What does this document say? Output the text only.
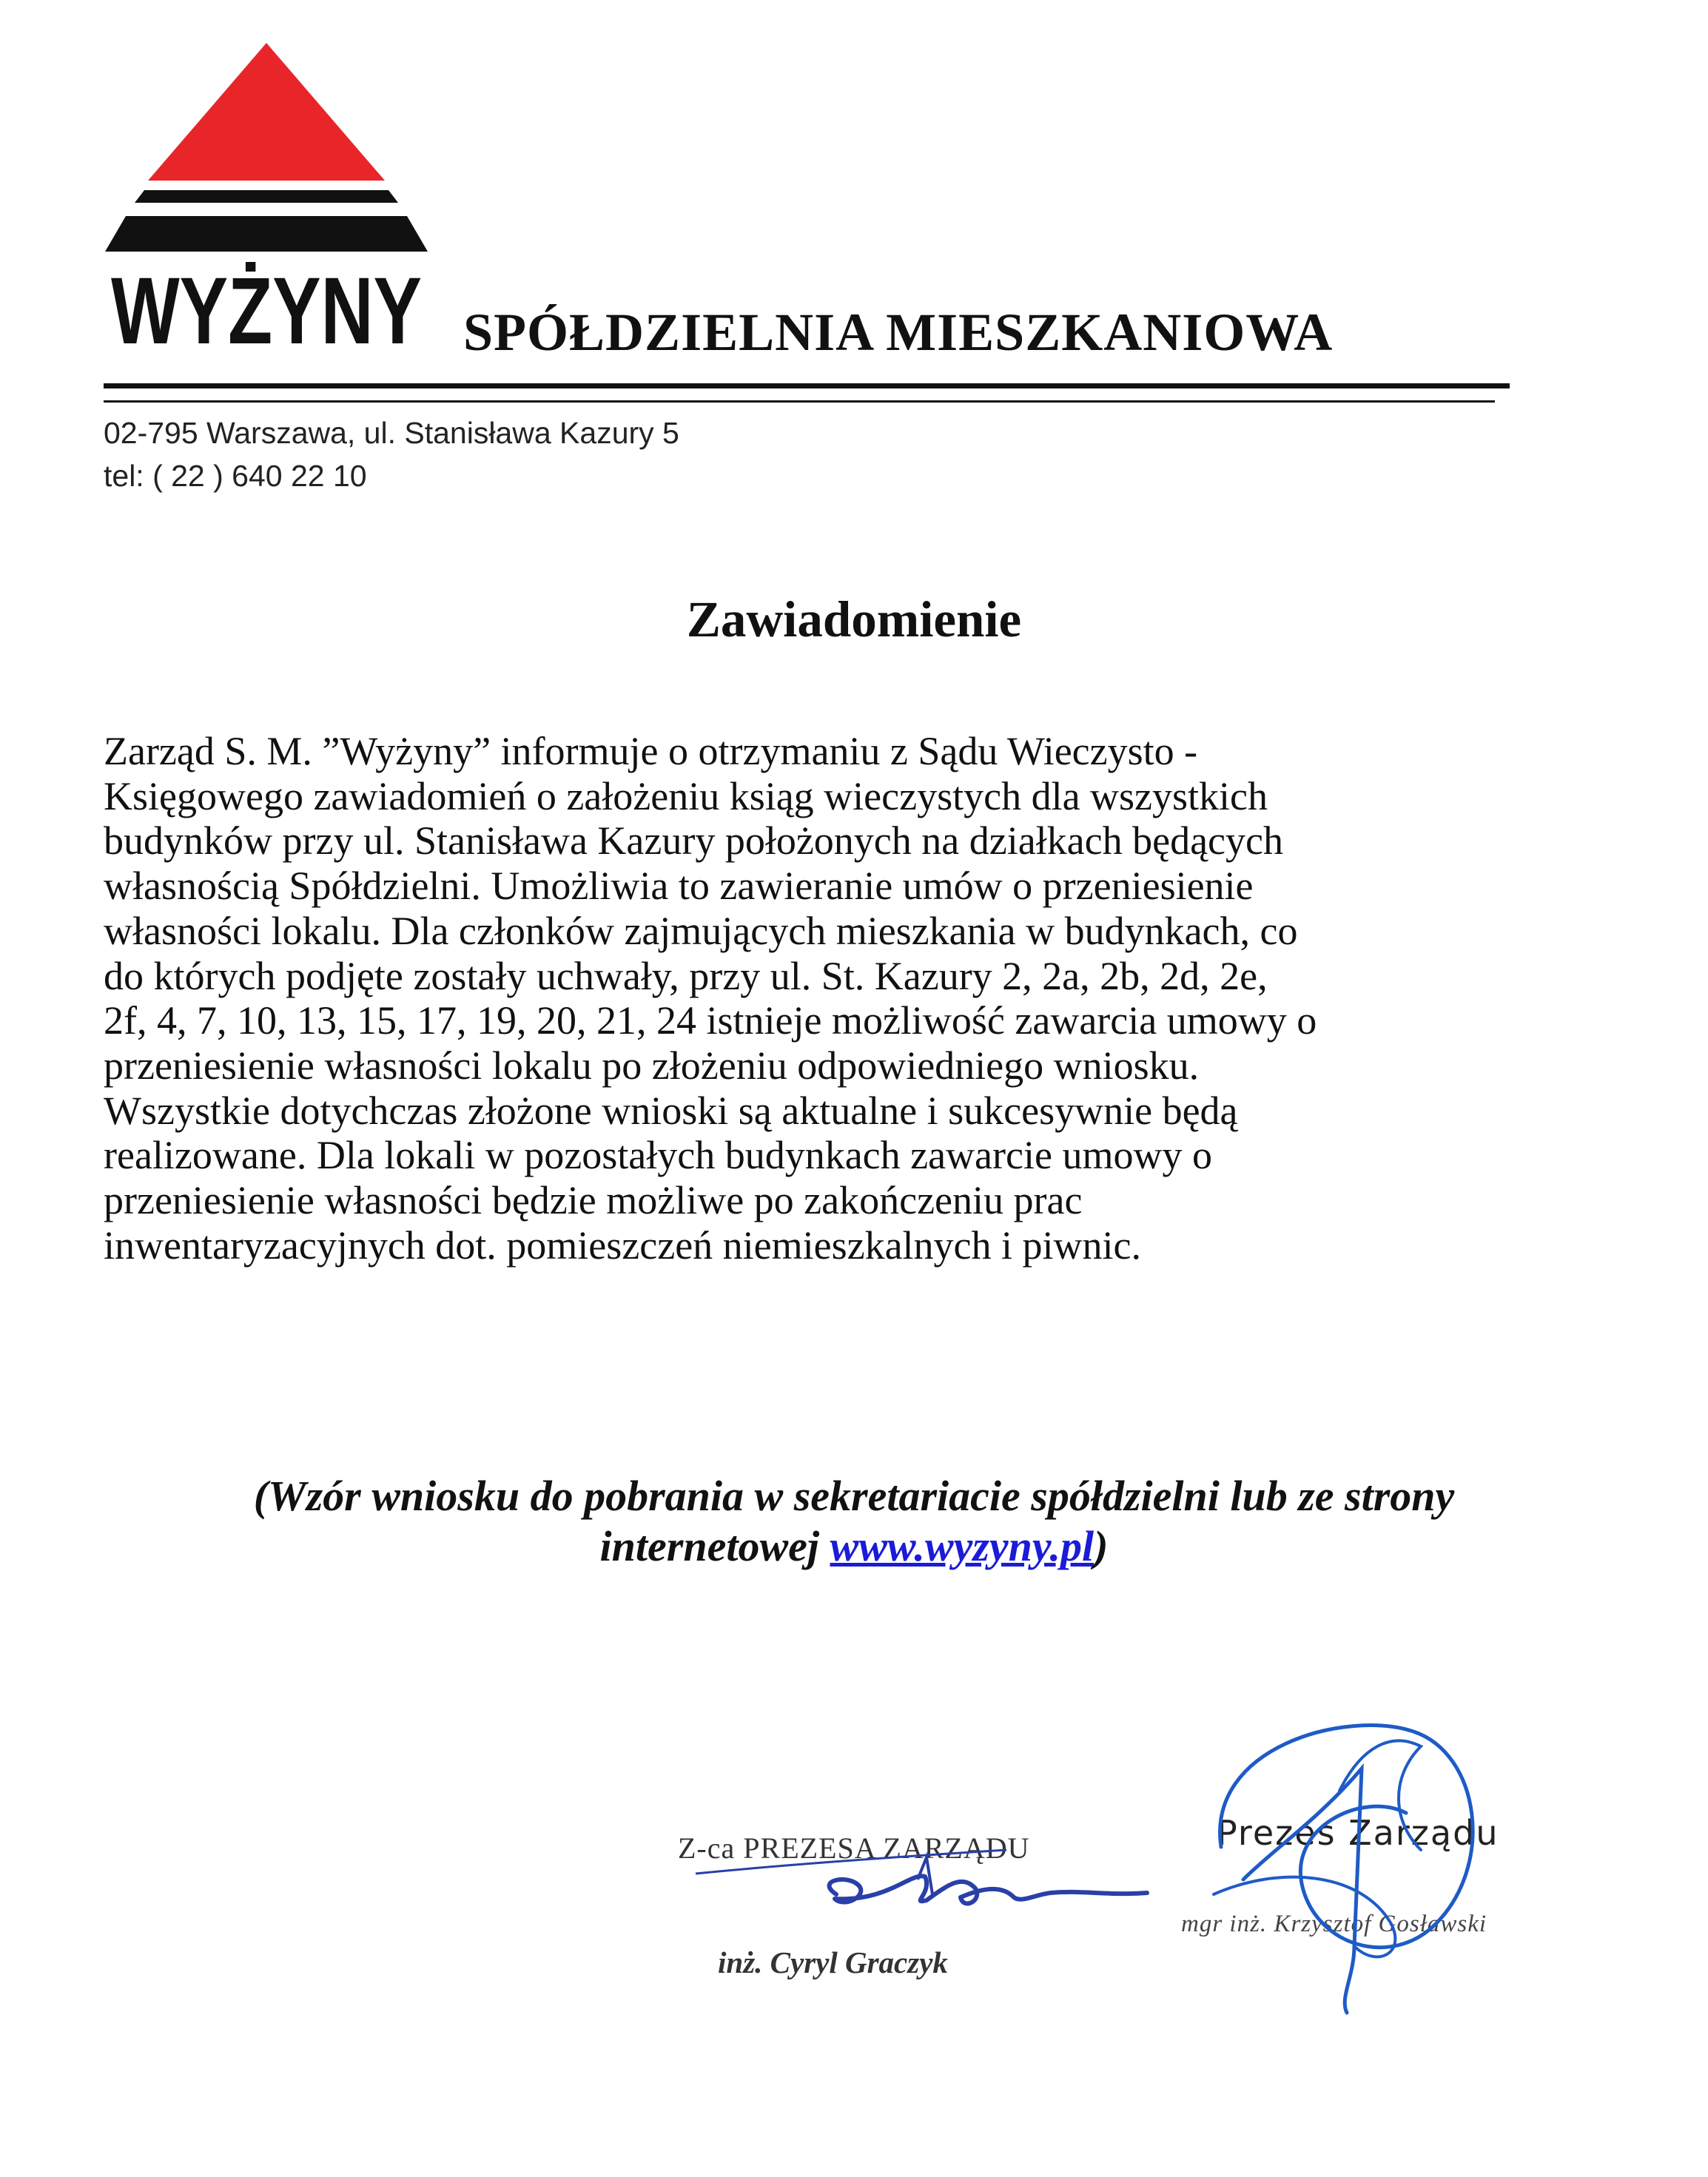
WYŻYNY SPÓŁDZIELNIA MIESZKANIOWA
02-795 Warszawa, ul. Stanisława Kazury 5
tel: ( 22 ) 640 22 10
Zawiadomienie
Zarząd S. M. ”Wyżyny” informuje o otrzymaniu z Sądu Wieczysto -
Księgowego zawiadomień o założeniu ksiąg wieczystych dla wszystkich
budynków przy ul. Stanisława Kazury położonych na działkach będących
własnością Spółdzielni. Umożliwia to zawieranie umów o przeniesienie
własności lokalu. Dla członków zajmujących mieszkania w budynkach, co
do których podjęte zostały uchwały, przy ul. St. Kazury 2, 2a, 2b, 2d, 2e,
2f, 4, 7, 10, 13, 15, 17, 19, 20, 21, 24 istnieje możliwość zawarcia umowy o
przeniesienie własności lokalu po złożeniu odpowiedniego wniosku.
Wszystkie dotychczas złożone wnioski są aktualne i sukcesywnie będą
realizowane. Dla lokali w pozostałych budynkach zawarcie umowy o
przeniesienie własności będzie możliwe po zakończeniu prac
inwentaryzacyjnych dot. pomieszczeń niemieszkalnych i piwnic.
(Wzór wniosku do pobrania w sekretariacie spółdzielni lub ze strony
internetowej www.wyzyny.pl)
Z-ca PREZESA ZARZĄDU
inż. Cyryl Graczyk
Prezes Zarządu
mgr inż. Krzysztof Gosławski
